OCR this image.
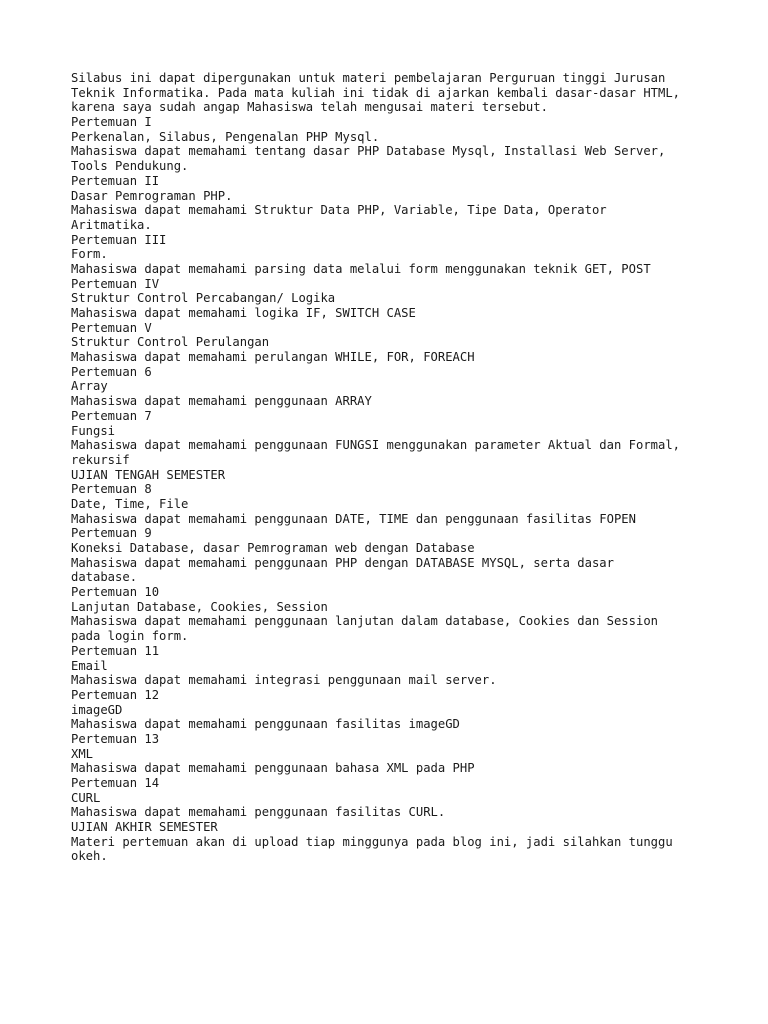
Silabus ini dapat dipergunakan untuk materi pembelajaran Perguruan tinggi Jurusan
Teknik Informatika. Pada mata kuliah ini tidak di ajarkan kembali dasar-dasar HTML,
karena saya sudah angap Mahasiswa telah mengusai materi tersebut.
Pertemuan I
Perkenalan, Silabus, Pengenalan PHP Mysql.
Mahasiswa dapat memahami tentang dasar PHP Database Mysql, Installasi Web Server,
Tools Pendukung.
Pertemuan II
Dasar Pemrograman PHP.
Mahasiswa dapat memahami Struktur Data PHP, Variable, Tipe Data, Operator
Aritmatika.
Pertemuan III
Form.
Mahasiswa dapat memahami parsing data melalui form menggunakan teknik GET, POST
Pertemuan IV
Struktur Control Percabangan/ Logika
Mahasiswa dapat memahami logika IF, SWITCH CASE
Pertemuan V
Struktur Control Perulangan
Mahasiswa dapat memahami perulangan WHILE, FOR, FOREACH
Pertemuan 6
Array
Mahasiswa dapat memahami penggunaan ARRAY
Pertemuan 7
Fungsi
Mahasiswa dapat memahami penggunaan FUNGSI menggunakan parameter Aktual dan Formal,
rekursif
UJIAN TENGAH SEMESTER
Pertemuan 8
Date, Time, File
Mahasiswa dapat memahami penggunaan DATE, TIME dan penggunaan fasilitas FOPEN
Pertemuan 9
Koneksi Database, dasar Pemrograman web dengan Database
Mahasiswa dapat memahami penggunaan PHP dengan DATABASE MYSQL, serta dasar
database.
Pertemuan 10
Lanjutan Database, Cookies, Session
Mahasiswa dapat memahami penggunaan lanjutan dalam database, Cookies dan Session
pada login form.
Pertemuan 11
Email
Mahasiswa dapat memahami integrasi penggunaan mail server.
Pertemuan 12
imageGD
Mahasiswa dapat memahami penggunaan fasilitas imageGD
Pertemuan 13
XML
Mahasiswa dapat memahami penggunaan bahasa XML pada PHP
Pertemuan 14
CURL
Mahasiswa dapat memahami penggunaan fasilitas CURL.
UJIAN AKHIR SEMESTER
Materi pertemuan akan di upload tiap minggunya pada blog ini, jadi silahkan tunggu
okeh.
